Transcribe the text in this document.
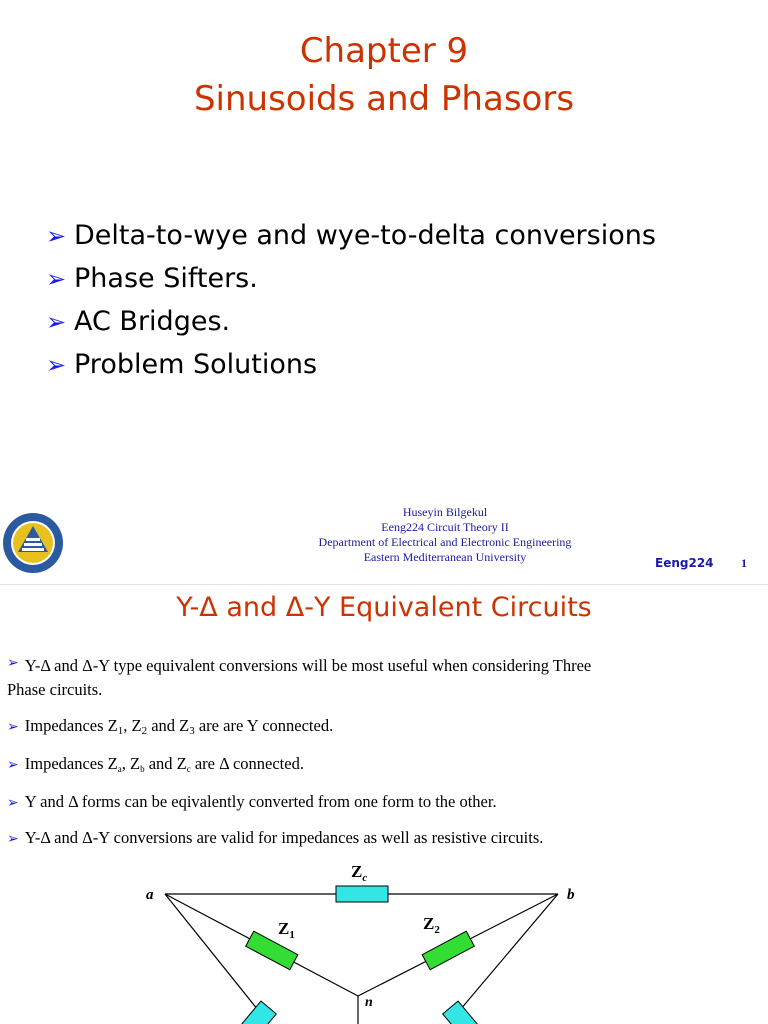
Chapter 9
Sinusoids and Phasors
➢ Delta-to-wye and wye-to-delta conversions
➢ Phase Sifters.
➢ AC Bridges.
➢ Problem Solutions
Huseyin Bilgekul
Eeng224 Circuit Theory II
Department of Electrical and Electronic Engineering
Eastern Mediterranean University	Eeng224 1
Y-Δ and Δ-Y Equivalent Circuits
➢ Y-Δ and Δ-Y type equivalent conversions will be most useful when considering Three
Phase circuits.
➢ Impedances $Z_1$, $Z_2$ and $Z_3$ are are Y connected.
➢ Impedances Za, Zb and Zc are Δ connected.
➢ Y and Δ forms can be eqivalently converted from one form to the other.
➢ Y-Δ and Δ-Y conversions are valid for impedances as well as resistive circuits.
a	b
n
$Z_c$
$Z_1$
$Z_2$
